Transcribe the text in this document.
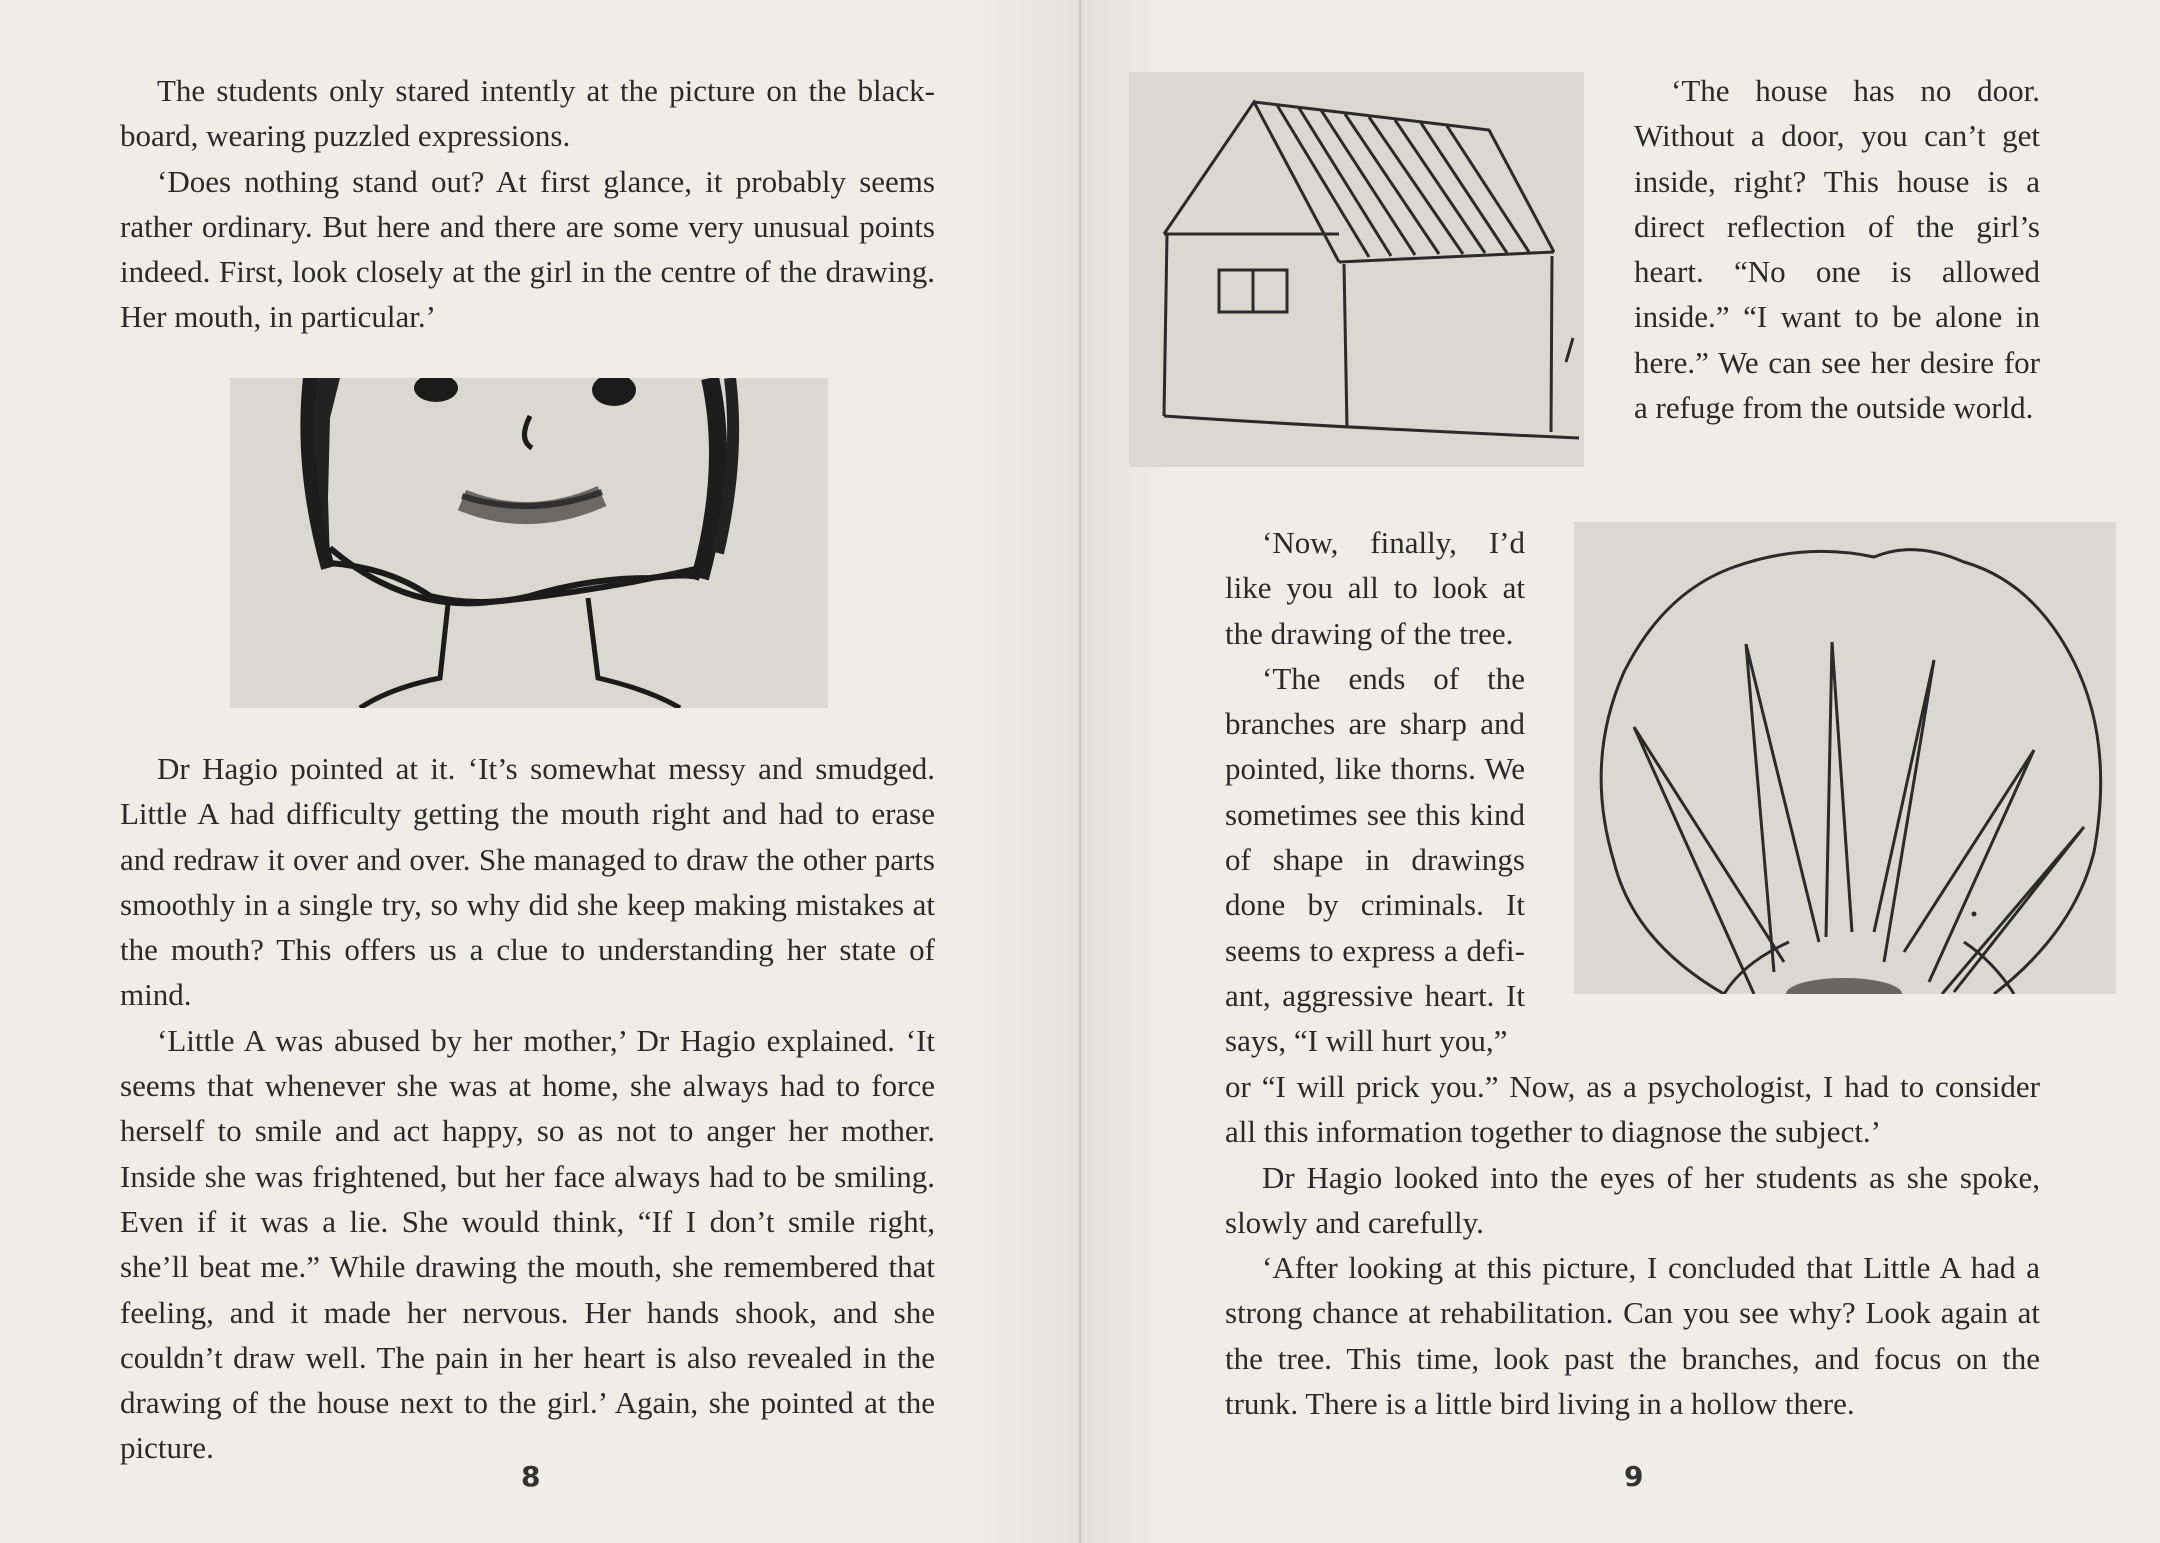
The students only stared intently at the picture on the blackboard, wearing puzzled expressions.

‘Does nothing stand out? At first glance, it probably seems rather ordinary. But here and there are some very unusual points indeed. First, look closely at the girl in the centre of the drawing. Her mouth, in particular.’

Dr Hagio pointed at it. ‘It’s somewhat messy and smudged. Little A had difficulty getting the mouth right and had to erase and redraw it over and over. She managed to draw the other parts smoothly in a single try, so why did she keep making mistakes at the mouth? This offers us a clue to understanding her state of mind.

‘Little A was abused by her mother,’ Dr Hagio explained. ‘It seems that whenever she was at home, she always had to force herself to smile and act happy, so as not to anger her mother. Inside she was frightened, but her face always had to be smiling. Even if it was a lie. She would think, “If I don’t smile right, she’ll beat me.” While drawing the mouth, she remembered that feeling, and it made her nervous. Her hands shook, and she couldn’t draw well. The pain in her heart is also revealed in the drawing of the house next to the girl.’ Again, she pointed at the picture.

8

‘The house has no door. Without a door, you can’t get inside, right? This house is a direct reflection of the girl’s heart. “No one is allowed inside.” “I want to be alone in here.” We can see her desire for a refuge from the outside world.

‘Now, finally, I’d like you all to look at the drawing of the tree.

‘The ends of the branches are sharp and pointed, like thorns. We sometimes see this kind of shape in drawings done by criminals. It seems to express a defiant, aggressive heart. It says, “I will hurt you,”

or “I will prick you.” Now, as a psychologist, I had to consider all this information together to diagnose the subject.’

Dr Hagio looked into the eyes of her students as she spoke, slowly and carefully.

‘After looking at this picture, I concluded that Little A had a strong chance at rehabilitation. Can you see why? Look again at the tree. This time, look past the branches, and focus on the trunk. There is a little bird living in a hollow there.

9
